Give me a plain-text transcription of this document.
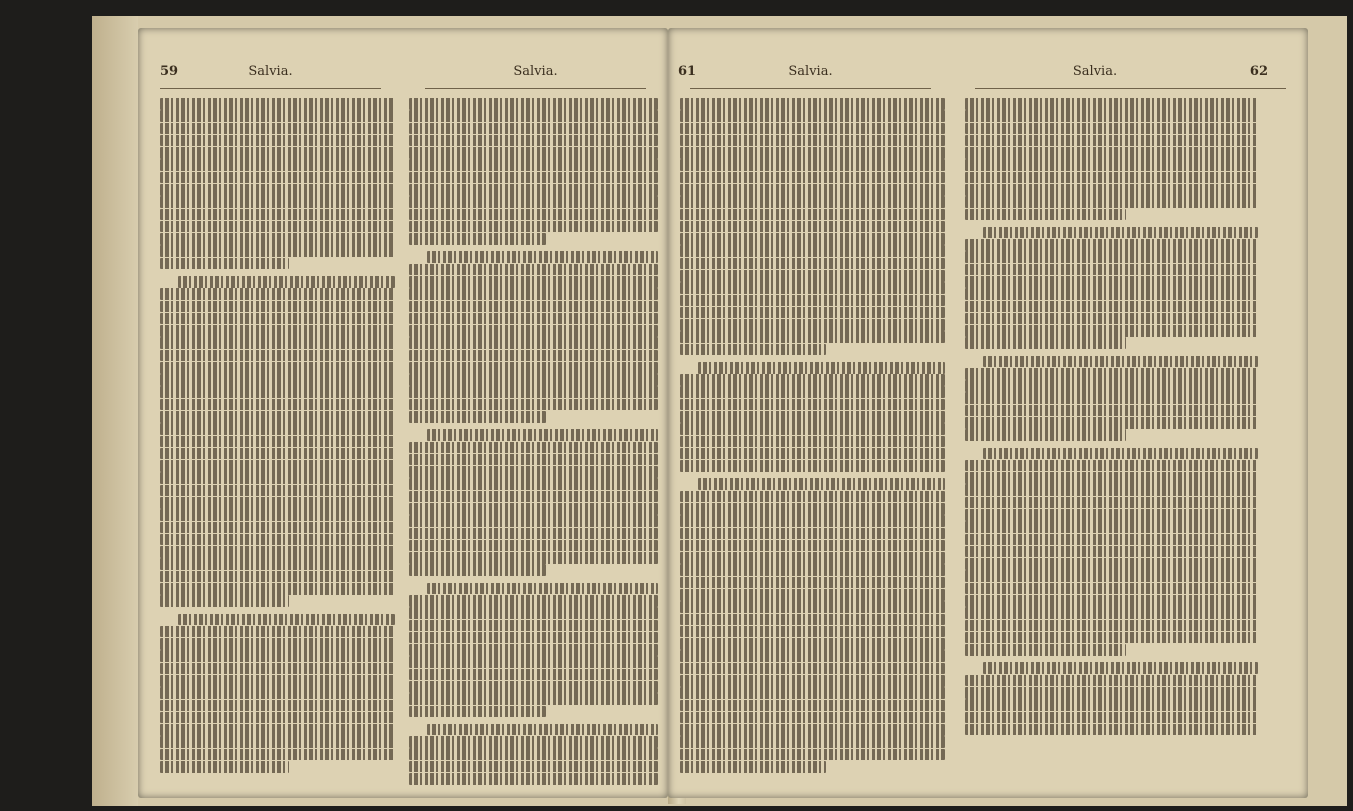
59	Salvia.	Salvia.	61	Salvia.	Salvia.	62
